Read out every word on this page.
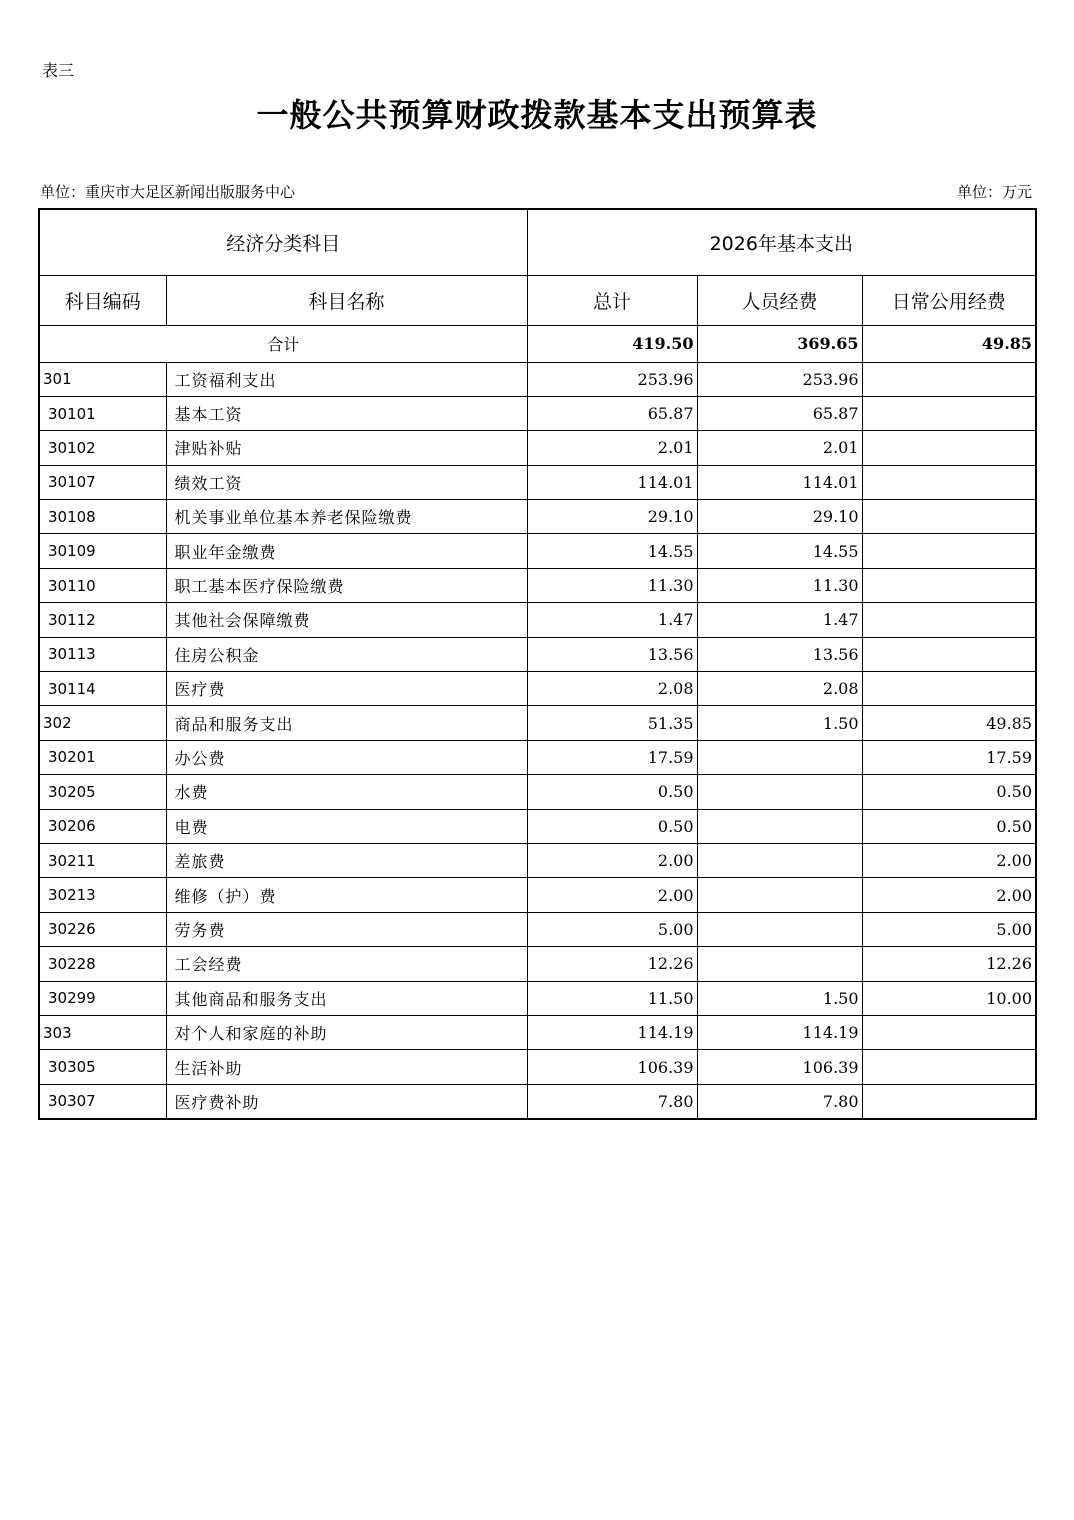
表三
一般公共预算财政拨款基本支出预算表
单位：重庆市大足区新闻出版服务中心	单位：万元
经济分类科目		2026年基本支出		
科目编码	科目名称	总计	人员经费	日常公用经费
合计		419.50	369.65	49.85
301	工资福利支出	253.96	253.96	
30101	基本工资	65.87	65.87	
30102	津贴补贴	2.01	2.01	
30107	绩效工资	114.01	114.01	
30108	机关事业单位基本养老保险缴费	29.10	29.10	
30109	职业年金缴费	14.55	14.55	
30110	职工基本医疗保险缴费	11.30	11.30	
30112	其他社会保障缴费	1.47	1.47	
30113	住房公积金	13.56	13.56	
30114	医疗费	2.08	2.08	
302	商品和服务支出	51.35	1.50	49.85
30201	办公费	17.59		17.59
30205	水费	0.50		0.50
30206	电费	0.50		0.50
30211	差旅费	2.00		2.00
30213	维修（护）费	2.00		2.00
30226	劳务费	5.00		5.00
30228	工会经费	12.26		12.26
30299	其他商品和服务支出	11.50	1.50	10.00
303	对个人和家庭的补助	114.19	114.19	
30305	生活补助	106.39	106.39	
30307	医疗费补助	7.80	7.80	
